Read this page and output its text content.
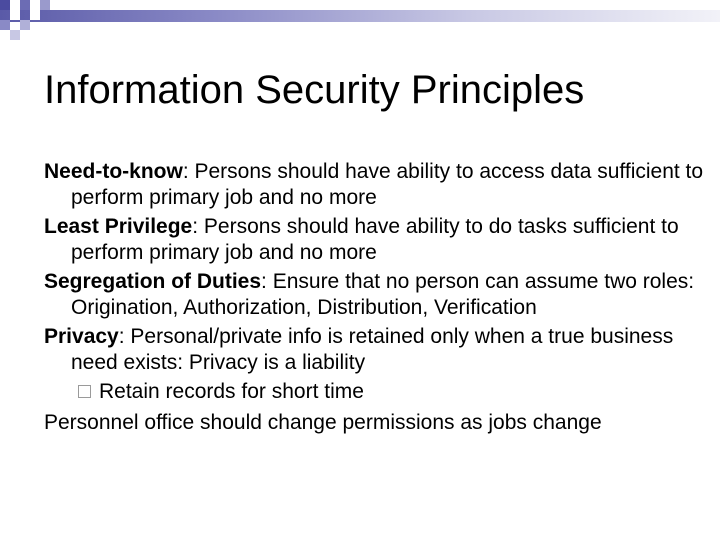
Information Security Principles

Need-to-know: Persons should have ability to access data sufficient to perform primary job and no more

Least Privilege: Persons should have ability to do tasks sufficient to perform primary job and no more

Segregation of Duties: Ensure that no person can assume two roles: Origination, Authorization, Distribution, Verification

Privacy: Personal/private info is retained only when a true business need exists: Privacy is a liability

Retain records for short time

Personnel office should change permissions as jobs change
